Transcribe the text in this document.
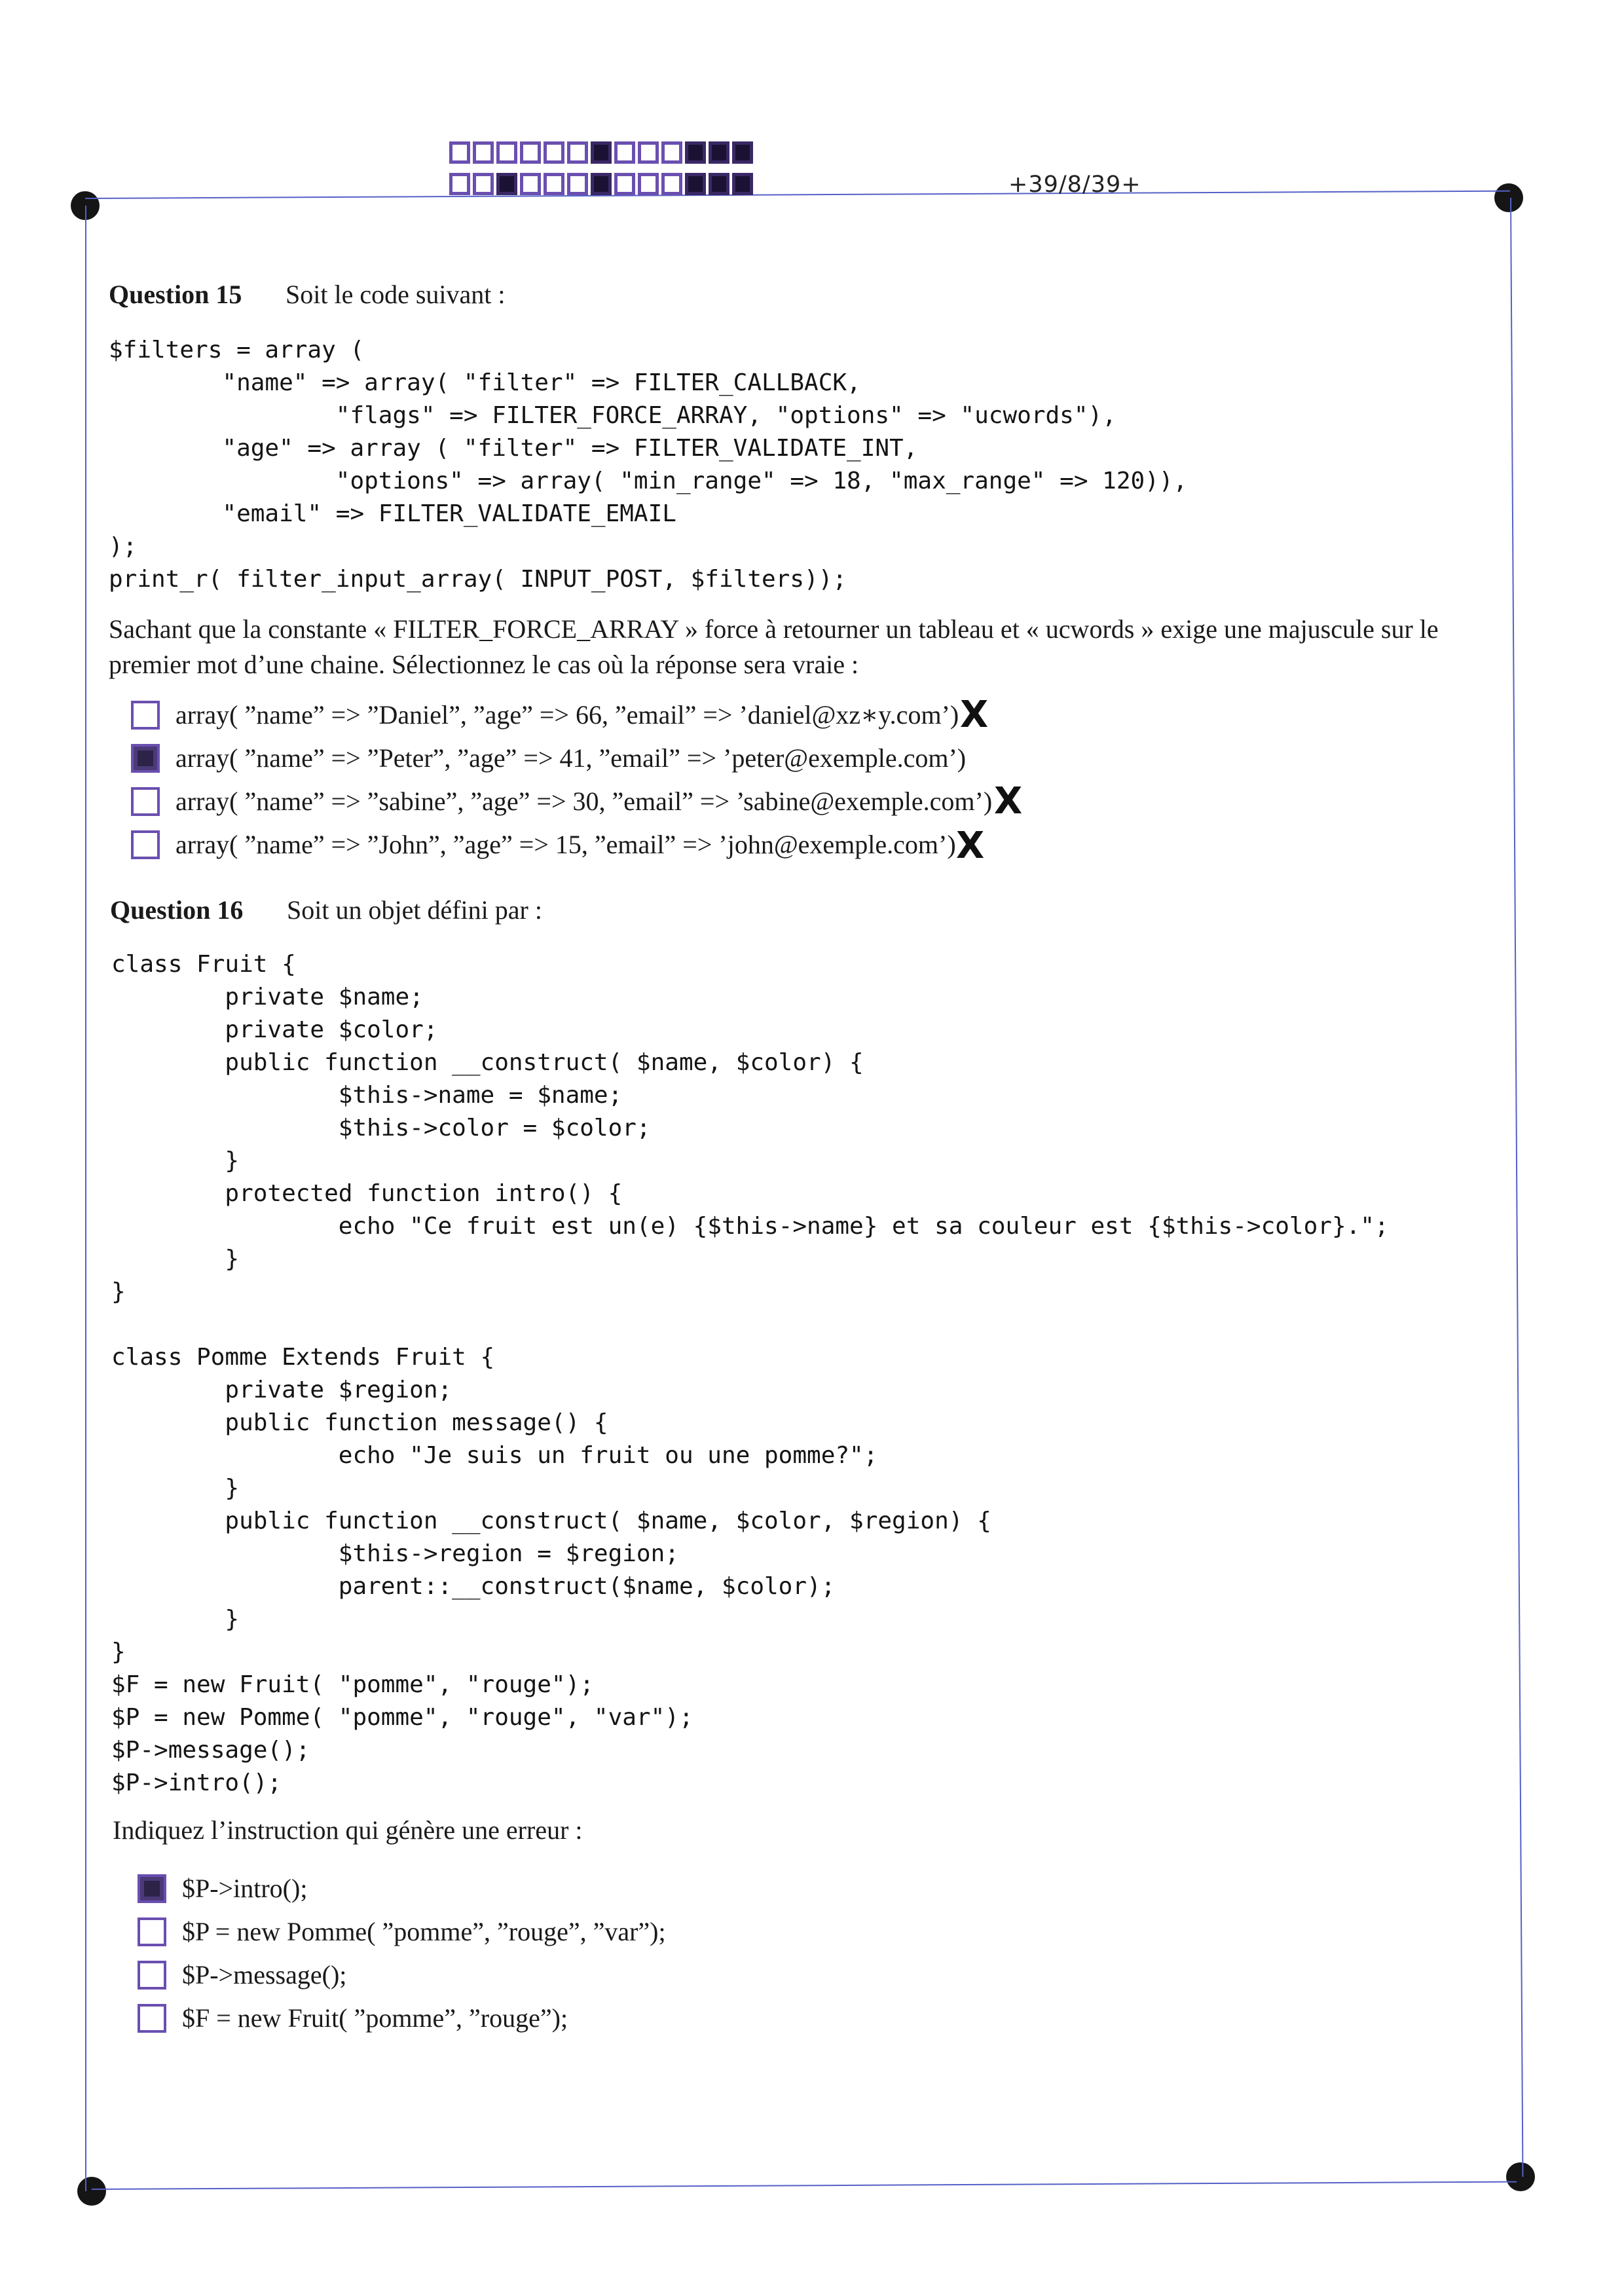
+39/8/39+
Question 15 Soit le code suivant :
$filters = array (
"name" => array( "filter" => FILTER_CALLBACK,
"flags" => FILTER_FORCE_ARRAY, "options" => "ucwords"),
"age" => array ( "filter" => FILTER_VALIDATE_INT,
"options" => array( "min_range" => 18, "max_range" => 120)),
"email" => FILTER_VALIDATE_EMAIL
);
print_r( filter_input_array( INPUT_POST, $filters));

Sachant que la constante « FILTER_FORCE_ARRAY » force à retourner un tableau et « ucwords » exige une majuscule sur le
premier mot d’une chaine. Sélectionnez le cas où la réponse sera vraie :
array( ”name” => ”Daniel”, ”age” => 66, ”email” => ’daniel@xz∗y.com’) X
array( ”name” => ”Peter”, ”age” => 41, ”email” => ’peter@exemple.com’)
array( ”name” => ”sabine”, ”age” => 30, ”email” => ’sabine@exemple.com’) X
array( ”name” => ”John”, ”age” => 15, ”email” => ’john@exemple.com’) X
Question 16 Soit un objet défini par :
class Fruit {
private $name;
private $color;
public function __construct( $name, $color) {
$this->name = $name;
$this->color = $color;
}
protected function intro() {
echo "Ce fruit est un(e) {$this->name} et sa couleur est {$this->color}.";
}
}

class Pomme Extends Fruit {
private $region;
public function message() {
echo "Je suis un fruit ou une pomme?";
}
public function __construct( $name, $color, $region) {
$this->region = $region;
parent::__construct($name, $color);
}
}
$F = new Fruit( "pomme", "rouge");
$P = new Pomme( "pomme", "rouge", "var");
$P->message();
$P->intro();

Indiquez l’instruction qui génère une erreur :
$P->intro();
$P = new Pomme( ”pomme”, ”rouge”, ”var”);
$P->message();
$F = new Fruit( ”pomme”, ”rouge”);
